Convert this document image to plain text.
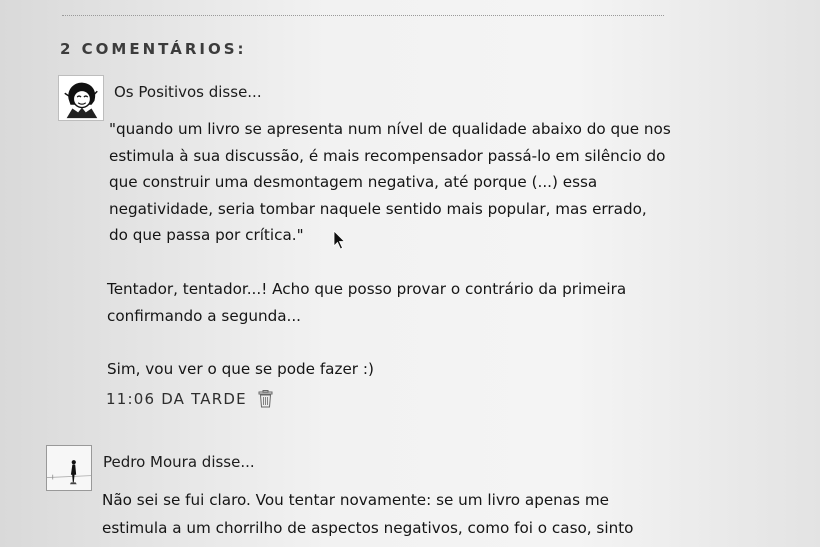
2 COMENTÁRIOS:
Os Positivos disse...

"quando um livro se apresenta num nível de qualidade abaixo do que nos

estimula à sua discussão, é mais recompensador passá-lo em silêncio do

que construir uma desmontagem negativa, até porque (...) essa

negatividade, seria tombar naquele sentido mais popular, mas errado,

do que passa por crítica."

Tentador, tentador...! Acho que posso provar o contrário da primeira

confirmando a segunda...

Sim, vou ver o que se pode fazer :)

11:06 DA TARDE
Pedro Moura disse...

Não sei se fui claro. Vou tentar novamente: se um livro apenas me

estimula a um chorrilho de aspectos negativos, como foi o caso, sinto
